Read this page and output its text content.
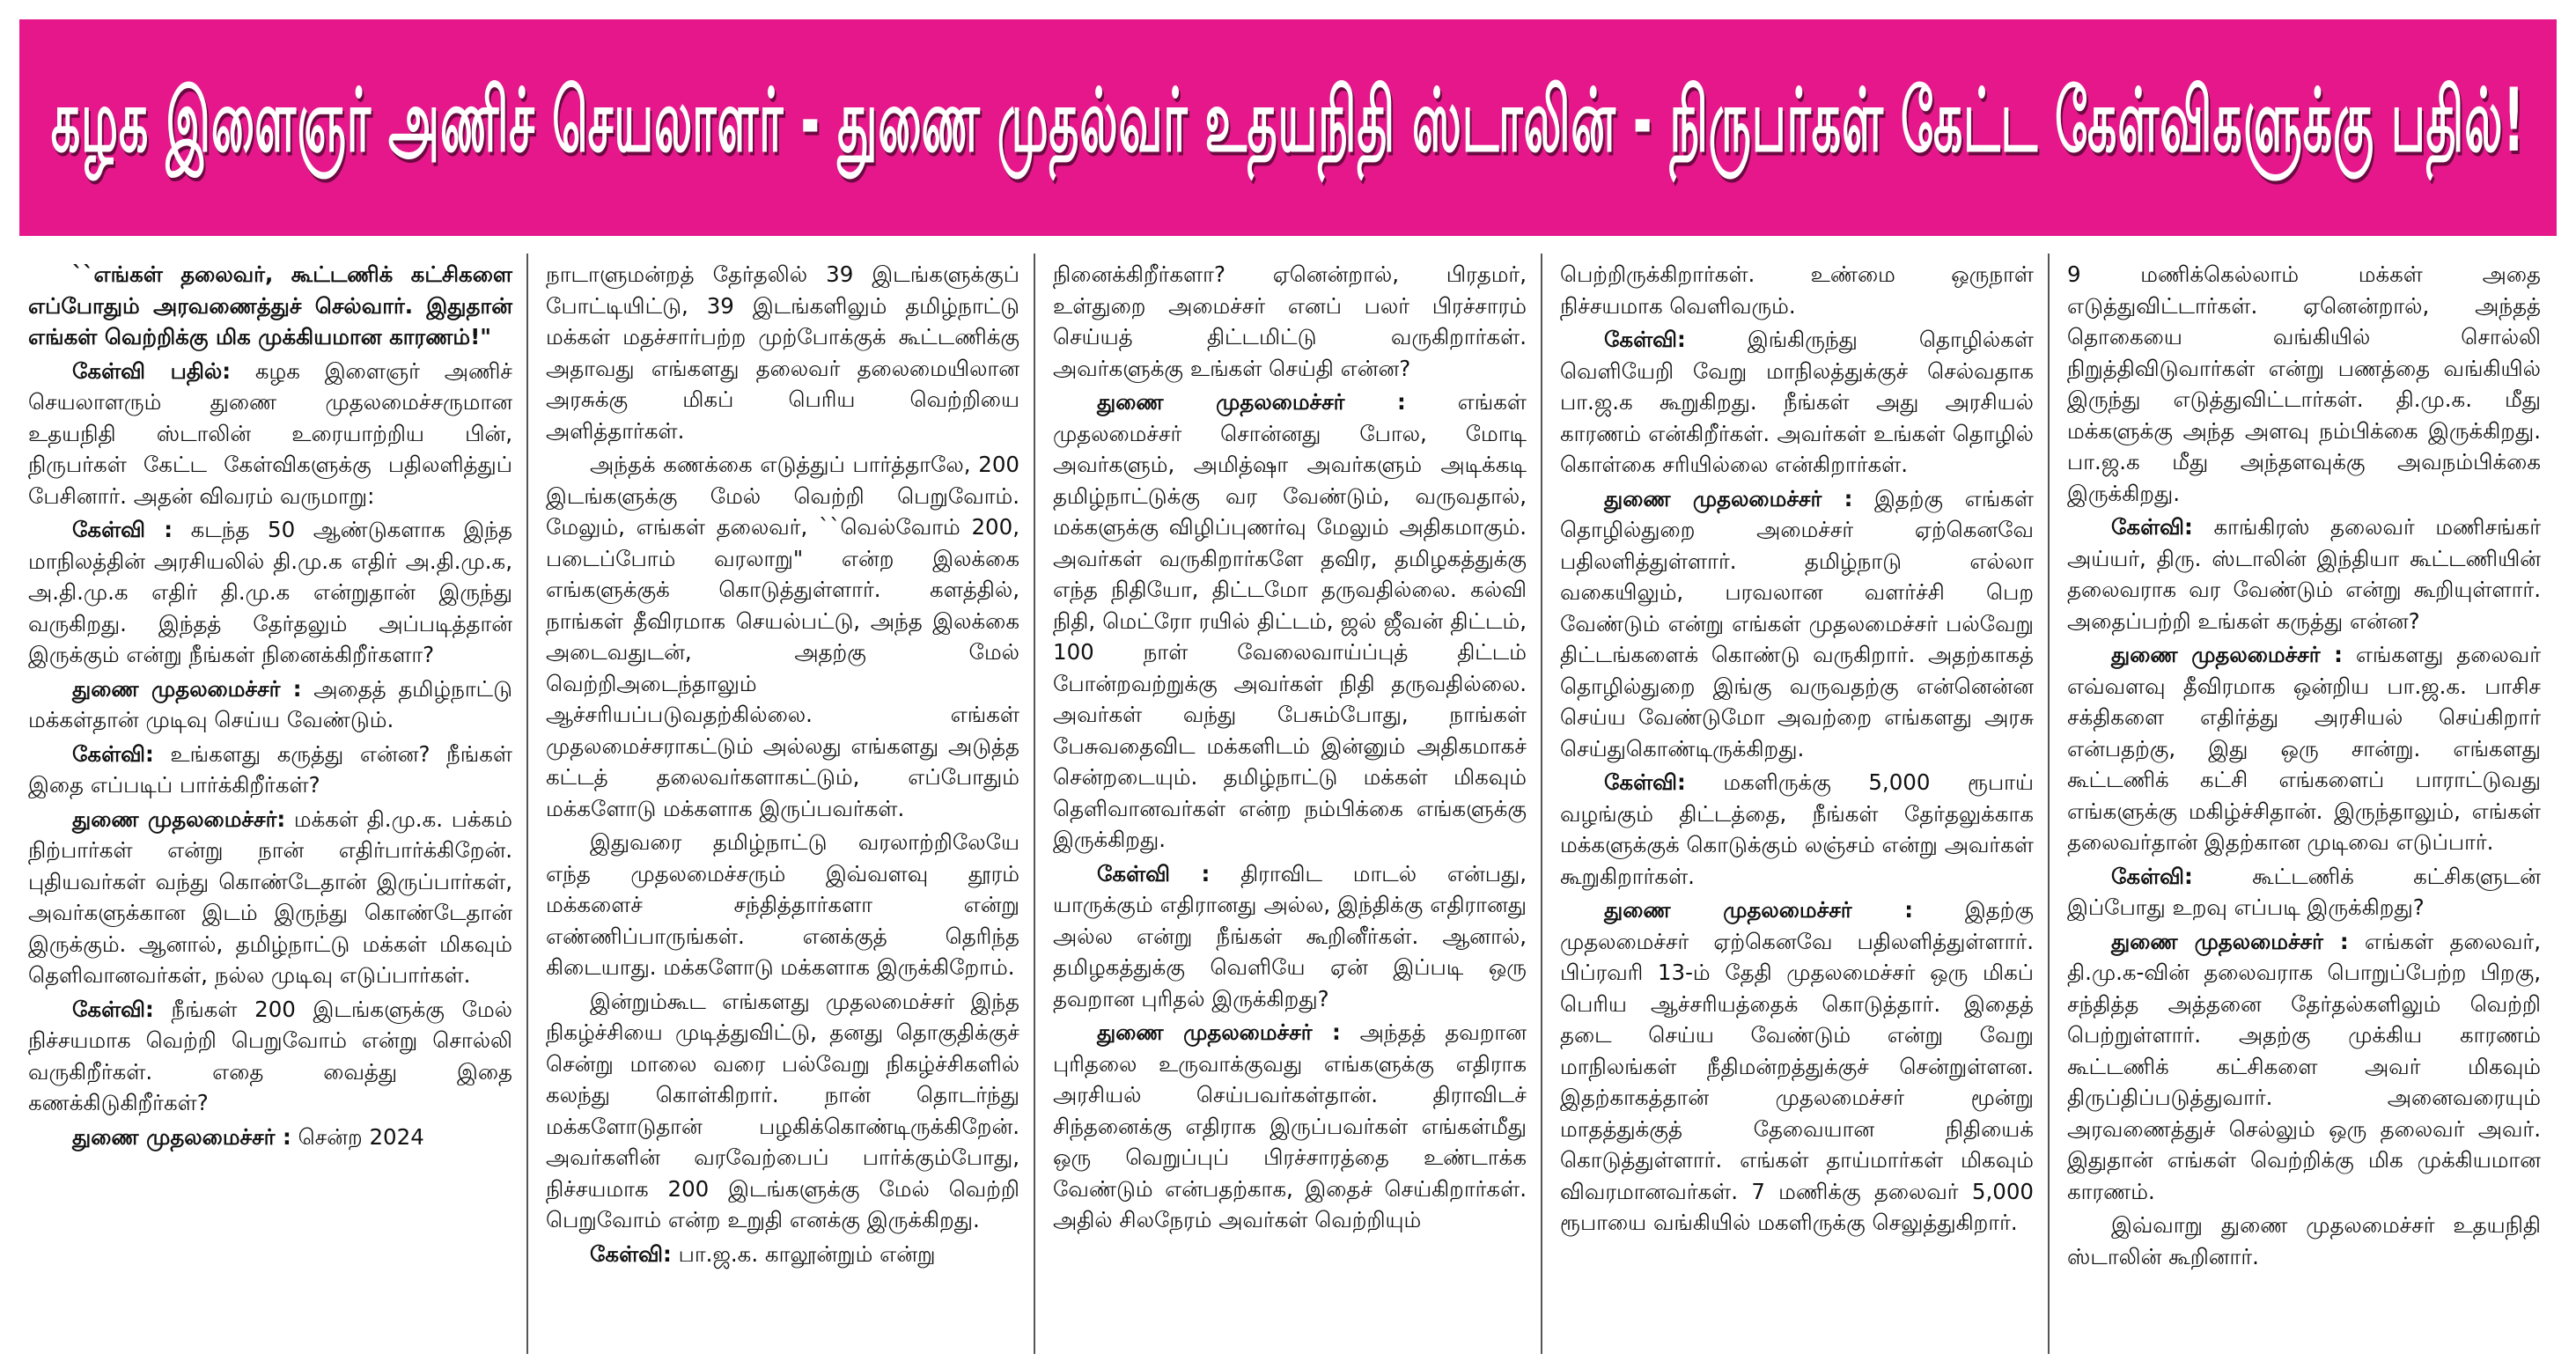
கழக இளைஞர் அணிச் செயலாளர் - துணை முதல்வர் உதயநிதி ஸ்டாலின் - நிருபர்கள் கேட்ட கேள்விகளுக்கு பதில்!

``எங்கள் தலைவர், கூட்டணிக் கட்சிகளை எப்போதும் அரவணைத்துச் செல்வார். இதுதான் எங்கள் வெற்றிக்கு மிக முக்கியமான காரணம்!"

கேள்வி பதில்: கழக இளைஞர் அணிச் செயலாளரும் துணை முதலமைச்சருமான உதயநிதி ஸ்டாலின் உரையாற்றிய பின், நிருபர்கள் கேட்ட கேள்விகளுக்கு பதிலளித்துப் பேசினார். அதன் விவரம் வருமாறு:

கேள்வி : கடந்த 50 ஆண்டுகளாக இந்த மாநிலத்தின் அரசியலில் தி.மு.க எதிர் அ.தி.மு.க, அ.தி.மு.க எதிர் தி.மு.க என்றுதான் இருந்து வருகிறது. இந்தத் தேர்தலும் அப்படித்தான் இருக்கும் என்று நீங்கள் நினைக்கிறீர்களா?

துணை முதலமைச்சர் : அதைத் தமிழ்நாட்டு மக்கள்தான் முடிவு செய்ய வேண்டும்.

கேள்வி: உங்களது கருத்து என்ன? நீங்கள் இதை எப்படிப் பார்க்கிறீர்கள்?

துணை முதலமைச்சர்: மக்கள் தி.மு.க. பக்கம் நிற்பார்கள் என்று நான் எதிர்பார்க்கிறேன். புதியவர்கள் வந்து கொண்டேதான் இருப்பார்கள், அவர்களுக்கான இடம் இருந்து கொண்டேதான் இருக்கும். ஆனால், தமிழ்நாட்டு மக்கள் மிகவும் தெளிவானவர்கள், நல்ல முடிவு எடுப்பார்கள்.

கேள்வி: நீங்கள் 200 இடங்களுக்கு மேல் நிச்சயமாக வெற்றி பெறுவோம் என்று சொல்லி வருகிறீர்கள். எதை வைத்து இதை கணக்கிடுகிறீர்கள்?

துணை முதலமைச்சர் : சென்ற 2024

நாடாளுமன்றத் தேர்தலில் 39 இடங்களுக்குப் போட்டியிட்டு, 39 இடங்களிலும் தமிழ்நாட்டு மக்கள் மதச்சார்பற்ற முற்போக்குக் கூட்டணிக்கு அதாவது எங்களது தலைவர் தலைமையிலான அரசுக்கு மிகப் பெரிய வெற்றியை அளித்தார்கள்.

அந்தக் கணக்கை எடுத்துப் பார்த்தாலே, 200 இடங்களுக்கு மேல் வெற்றி பெறுவோம். மேலும், எங்கள் தலைவர், ``வெல்வோம் 200, படைப்போம் வரலாறு" என்ற இலக்கை எங்களுக்குக் கொடுத்துள்ளார். களத்தில், நாங்கள் தீவிரமாக செயல்பட்டு, அந்த இலக்கை அடைவதுடன், அதற்கு மேல் வெற்றிஅடைந்தாலும் ஆச்சரியப்படுவதற்கில்லை. எங்கள் முதலமைச்சராகட்டும் அல்லது எங்களது அடுத்த கட்டத் தலைவர்களாகட்டும், எப்போதும் மக்களோடு மக்களாக இருப்பவர்கள்.

இதுவரை தமிழ்நாட்டு வரலாற்றிலேயே எந்த முதலமைச்சரும் இவ்வளவு தூரம் மக்களைச் சந்தித்தார்களா என்று எண்ணிப்பாருங்கள். எனக்குத் தெரிந்த கிடையாது. மக்களோடு மக்களாக இருக்கிறோம்.

இன்றும்கூட எங்களது முதலமைச்சர் இந்த நிகழ்ச்சியை முடித்துவிட்டு, தனது தொகுதிக்குச் சென்று மாலை வரை பல்வேறு நிகழ்ச்சிகளில் கலந்து கொள்கிறார். நான் தொடர்ந்து மக்களோடுதான் பழகிக்கொண்டிருக்கிறேன். அவர்களின் வரவேற்பைப் பார்க்கும்போது, நிச்சயமாக 200 இடங்களுக்கு மேல் வெற்றி பெறுவோம் என்ற உறுதி எனக்கு இருக்கிறது.

கேள்வி: பா.ஜ.க. காலூன்றும் என்று

நினைக்கிறீர்களா? ஏனென்றால், பிரதமர், உள்துறை அமைச்சர் எனப் பலர் பிரச்சாரம் செய்யத் திட்டமிட்டு வருகிறார்கள். அவர்களுக்கு உங்கள் செய்தி என்ன?

துணை முதலமைச்சர் : எங்கள் முதலமைச்சர் சொன்னது போல, மோடி அவர்களும், அமித்ஷா அவர்களும் அடிக்கடி தமிழ்நாட்டுக்கு வர வேண்டும், வருவதால், மக்களுக்கு விழிப்புணர்வு மேலும் அதிகமாகும். அவர்கள் வருகிறார்களே தவிர, தமிழகத்துக்கு எந்த நிதியோ, திட்டமோ தருவதில்லை. கல்வி நிதி, மெட்ரோ ரயில் திட்டம், ஜல் ஜீவன் திட்டம், 100 நாள் வேலைவாய்ப்புத் திட்டம் போன்றவற்றுக்கு அவர்கள் நிதி தருவதில்லை. அவர்கள் வந்து பேசும்போது, நாங்கள் பேசுவதைவிட மக்களிடம் இன்னும் அதிகமாகச் சென்றடையும். தமிழ்நாட்டு மக்கள் மிகவும் தெளிவானவர்கள் என்ற நம்பிக்கை எங்களுக்கு இருக்கிறது.

கேள்வி : திராவிட மாடல் என்பது, யாருக்கும் எதிரானது அல்ல, இந்திக்கு எதிரானது அல்ல என்று நீங்கள் கூறினீர்கள். ஆனால், தமிழகத்துக்கு வெளியே ஏன் இப்படி ஒரு தவறான புரிதல் இருக்கிறது?

துணை முதலமைச்சர் : அந்தத் தவறான புரிதலை உருவாக்குவது எங்களுக்கு எதிராக அரசியல் செய்பவர்கள்தான். திராவிடச் சிந்தனைக்கு எதிராக இருப்பவர்கள் எங்கள்மீது ஒரு வெறுப்புப் பிரச்சாரத்தை உண்டாக்க வேண்டும் என்பதற்காக, இதைச் செய்கிறார்கள். அதில் சிலநேரம் அவர்கள் வெற்றியும்

பெற்றிருக்கிறார்கள். உண்மை ஒருநாள் நிச்சயமாக வெளிவரும்.

கேள்வி: இங்கிருந்து தொழில்கள் வெளியேறி வேறு மாநிலத்துக்குச் செல்வதாக பா.ஜ.க கூறுகிறது. நீங்கள் அது அரசியல் காரணம் என்கிறீர்கள். அவர்கள் உங்கள் தொழில் கொள்கை சரியில்லை என்கிறார்கள்.

துணை முதலமைச்சர் : இதற்கு எங்கள் தொழில்துறை அமைச்சர் ஏற்கெனவே பதிலளித்துள்ளார். தமிழ்நாடு எல்லா வகையிலும், பரவலான வளர்ச்சி பெற வேண்டும் என்று எங்கள் முதலமைச்சர் பல்வேறு திட்டங்களைக் கொண்டு வருகிறார். அதற்காகத் தொழில்துறை இங்கு வருவதற்கு என்னென்ன செய்ய வேண்டுமோ அவற்றை எங்களது அரசு செய்துகொண்டிருக்கிறது.

கேள்வி: மகளிருக்கு 5,000 ரூபாய் வழங்கும் திட்டத்தை, நீங்கள் தேர்தலுக்காக மக்களுக்குக் கொடுக்கும் லஞ்சம் என்று அவர்கள் கூறுகிறார்கள்.

துணை முதலமைச்சர் : இதற்கு முதலமைச்சர் ஏற்கெனவே பதிலளித்துள்ளார். பிப்ரவரி 13-ம் தேதி முதலமைச்சர் ஒரு மிகப் பெரிய ஆச்சரியத்தைக் கொடுத்தார். இதைத் தடை செய்ய வேண்டும் என்று வேறு மாநிலங்கள் நீதிமன்றத்துக்குச் சென்றுள்ளன. இதற்காகத்தான் முதலமைச்சர் மூன்று மாதத்துக்குத் தேவையான நிதியைக் கொடுத்துள்ளார். எங்கள் தாய்மார்கள் மிகவும் விவரமானவர்கள். 7 மணிக்கு தலைவர் 5,000 ரூபாயை வங்கியில் மகளிருக்கு செலுத்துகிறார்.

9 மணிக்கெல்லாம் மக்கள் அதை எடுத்துவிட்டார்கள். ஏனென்றால், அந்தத் தொகையை வங்கியில் சொல்லி நிறுத்திவிடுவார்கள் என்று பணத்தை வங்கியில் இருந்து எடுத்துவிட்டார்கள். தி.மு.க. மீது மக்களுக்கு அந்த அளவு நம்பிக்கை இருக்கிறது. பா.ஜ.க மீது அந்தளவுக்கு அவநம்பிக்கை இருக்கிறது.

கேள்வி: காங்கிரஸ் தலைவர் மணிசங்கர் அய்யர், திரு. ஸ்டாலின் இந்தியா கூட்டணியின் தலைவராக வர வேண்டும் என்று கூறியுள்ளார். அதைப்பற்றி உங்கள் கருத்து என்ன?

துணை முதலமைச்சர் : எங்களது தலைவர் எவ்வளவு தீவிரமாக ஒன்றிய பா.ஜ.க. பாசிச சக்திகளை எதிர்த்து அரசியல் செய்கிறார் என்பதற்கு, இது ஒரு சான்று. எங்களது கூட்டணிக் கட்சி எங்களைப் பாராட்டுவது எங்களுக்கு மகிழ்ச்சிதான். இருந்தாலும், எங்கள் தலைவர்தான் இதற்கான முடிவை எடுப்பார்.

கேள்வி: கூட்டணிக் கட்சிகளுடன் இப்போது உறவு எப்படி இருக்கிறது?

துணை முதலமைச்சர் : எங்கள் தலைவர், தி.மு.க-வின் தலைவராக பொறுப்பேற்ற பிறகு, சந்தித்த அத்தனை தேர்தல்களிலும் வெற்றி பெற்றுள்ளார். அதற்கு முக்கிய காரணம் கூட்டணிக் கட்சிகளை அவர் மிகவும் திருப்திப்படுத்துவார். அனைவரையும் அரவணைத்துச் செல்லும் ஒரு தலைவர் அவர். இதுதான் எங்கள் வெற்றிக்கு மிக முக்கியமான காரணம்.

இவ்வாறு துணை முதலமைச்சர் உதயநிதி ஸ்டாலின் கூறினார்.
